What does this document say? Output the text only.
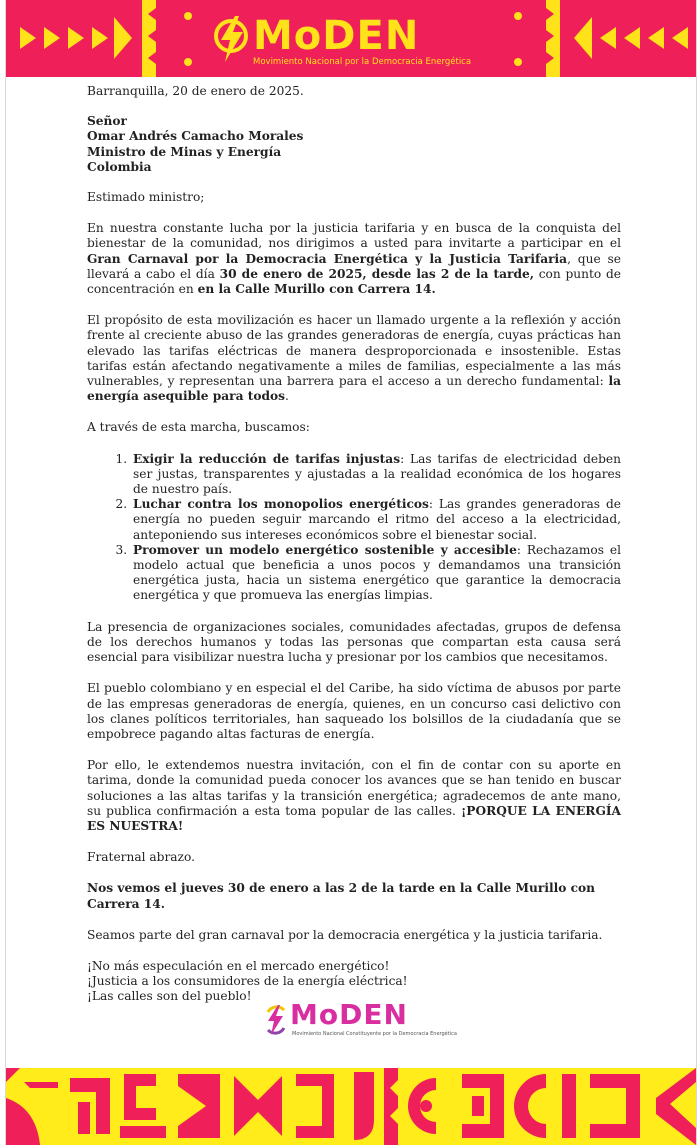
MoDEN
Movimiento Nacional por la Democracia Energética

Barranquilla, 20 de enero de 2025.

Señor

Omar Andrés Camacho Morales

Ministro de Minas y Energía

Colombia

Estimado ministro;

En nuestra constante lucha por la justicia tarifaria y en busca de la conquista del bienestar de la comunidad, nos dirigimos a usted para invitarte a participar en el Gran Carnaval por la Democracia Energética y la Justicia Tarifaria, que se llevará a cabo el día 30 de enero de 2025, desde las 2 de la tarde, con punto de concentración en en la Calle Murillo con Carrera 14.

El propósito de esta movilización es hacer un llamado urgente a la reflexión y acción frente al creciente abuso de las grandes generadoras de energía, cuyas prácticas han elevado las tarifas eléctricas de manera desproporcionada e insostenible. Estas tarifas están afectando negativamente a miles de familias, especialmente a las más vulnerables, y representan una barrera para el acceso a un derecho fundamental: la energía asequible para todos.

A través de esta marcha, buscamos:

1. Exigir la reducción de tarifas injustas: Las tarifas de electricidad deben ser justas, transparentes y ajustadas a la realidad económica de los hogares de nuestro país.
2. Luchar contra los monopolios energéticos: Las grandes generadoras de energía no pueden seguir marcando el ritmo del acceso a la electricidad, anteponiendo sus intereses económicos sobre el bienestar social.
3. Promover un modelo energético sostenible y accesible: Rechazamos el modelo actual que beneficia a unos pocos y demandamos una transición energética justa, hacia un sistema energético que garantice la democracia energética y que promueva las energías limpias.

La presencia de organizaciones sociales, comunidades afectadas, grupos de defensa de los derechos humanos y todas las personas que compartan esta causa será esencial para visibilizar nuestra lucha y presionar por los cambios que necesitamos.

El pueblo colombiano y en especial el del Caribe, ha sido víctima de abusos por parte de las empresas generadoras de energía, quienes, en un concurso casi delictivo con los clanes políticos territoriales, han saqueado los bolsillos de la ciudadanía que se empobrece pagando altas facturas de energía.

Por ello, le extendemos nuestra invitación, con el fin de contar con su aporte en tarima, donde la comunidad pueda conocer los avances que se han tenido en buscar soluciones a las altas tarifas y la transición energética; agradecemos de ante mano, su publica confirmación a esta toma popular de las calles. ¡PORQUE LA ENERGÍA ES NUESTRA!

Fraternal abrazo.

Nos vemos el jueves 30 de enero a las 2 de la tarde en la Calle Murillo con Carrera 14.

Seamos parte del gran carnaval por la democracia energética y la justicia tarifaria.

¡No más especulación en el mercado energético!

¡Justicia a los consumidores de la energía eléctrica!

¡Las calles son del pueblo!

MoDEN
Movimiento Nacional Constituyente por la Democracia Energética
